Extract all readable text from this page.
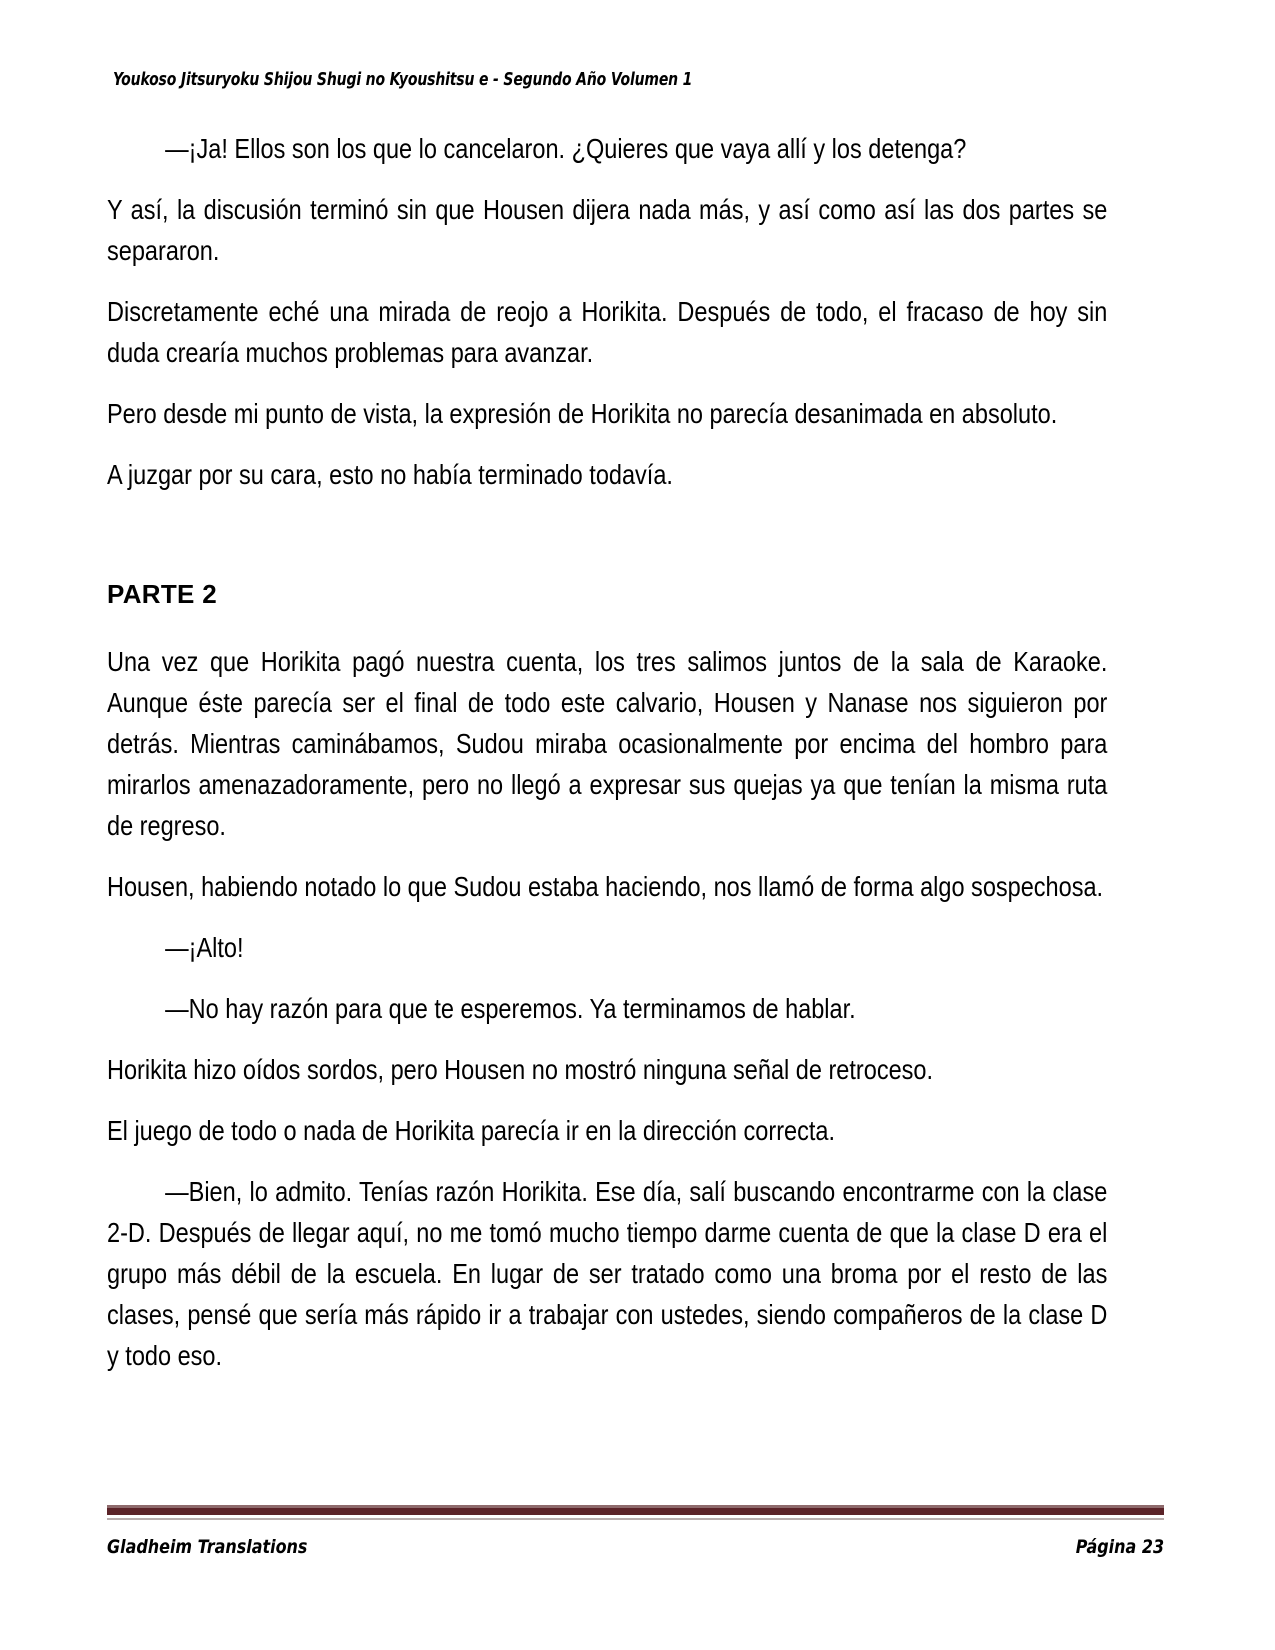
Youkoso Jitsuryoku Shijou Shugi no Kyoushitsu e - Segundo Año Volumen 1

—¡Ja! Ellos son los que lo cancelaron. ¿Quieres que vaya allí y los detenga?

Y así, la discusión terminó sin que Housen dijera nada más, y así como así las dos partes se separaron.

Discretamente eché una mirada de reojo a Horikita. Después de todo, el fracaso de hoy sin duda crearía muchos problemas para avanzar.

Pero desde mi punto de vista, la expresión de Horikita no parecía desanimada en absoluto.

A juzgar por su cara, esto no había terminado todavía.

PARTE 2

Una vez que Horikita pagó nuestra cuenta, los tres salimos juntos de la sala de Karaoke. Aunque éste parecía ser el final de todo este calvario, Housen y Nanase nos siguieron por detrás. Mientras caminábamos, Sudou miraba ocasionalmente por encima del hombro para mirarlos amenazadoramente, pero no llegó a expresar sus quejas ya que tenían la misma ruta de regreso.

Housen, habiendo notado lo que Sudou estaba haciendo, nos llamó de forma algo sospechosa.

—¡Alto!

—No hay razón para que te esperemos. Ya terminamos de hablar.

Horikita hizo oídos sordos, pero Housen no mostró ninguna señal de retroceso.

El juego de todo o nada de Horikita parecía ir en la dirección correcta.

—Bien, lo admito. Tenías razón Horikita. Ese día, salí buscando encontrarme con la clase 2-D. Después de llegar aquí, no me tomó mucho tiempo darme cuenta de que la clase D era el grupo más débil de la escuela. En lugar de ser tratado como una broma por el resto de las clases, pensé que sería más rápido ir a trabajar con ustedes, siendo compañeros de la clase D y todo eso.

Gladheim Translations	Página 23
